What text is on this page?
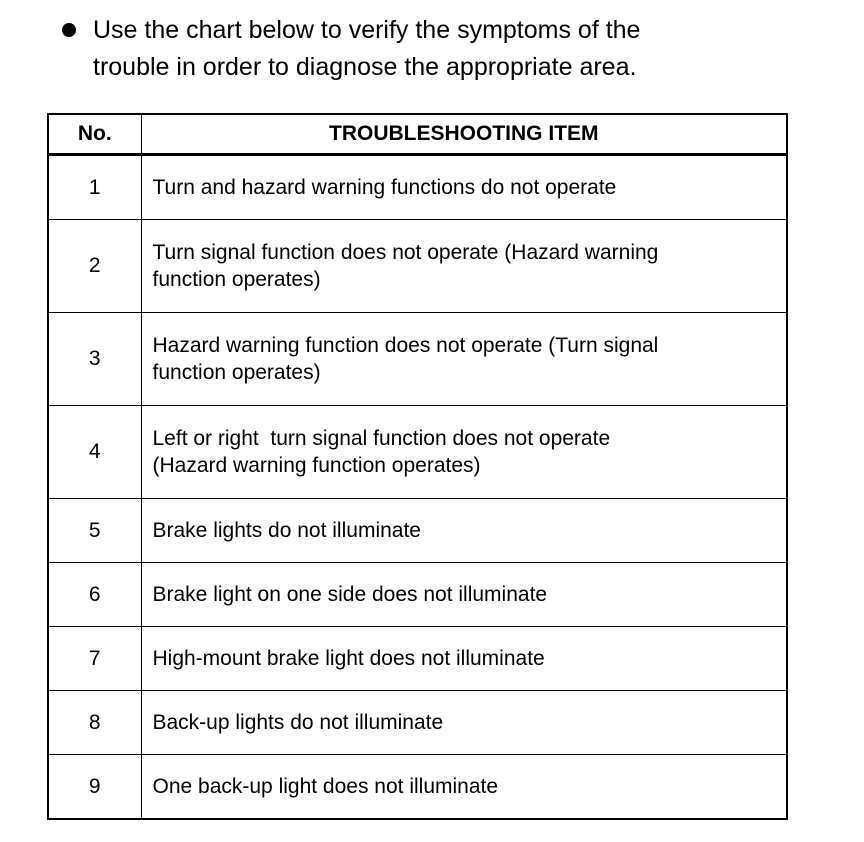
Use the chart below to verify the symptoms of the
trouble in order to diagnose the appropriate area.
No.	TROUBLESHOOTING ITEM
1	Turn and hazard warning functions do not operate

2	Turn signal function does not operate (Hazard warning
function operates)

3	Hazard warning function does not operate (Turn signal
function operates)

4	Left or right  turn signal function does not operate
(Hazard warning function operates)

5	Brake lights do not illuminate

6	Brake light on one side does not illuminate

7	High-mount brake light does not illuminate

8	Back-up lights do not illuminate

9	One back-up light does not illuminate
